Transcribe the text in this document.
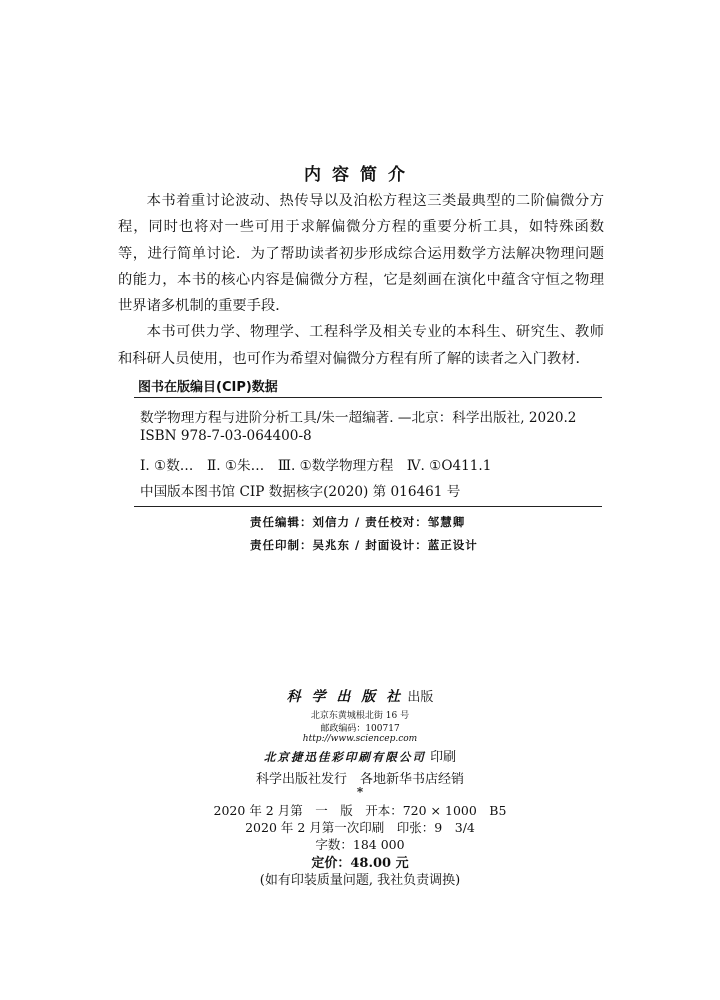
内容简介

本书着重讨论波动、热传导以及泊松方程这三类最典型的二阶偏微分方程，同时也将对一些可用于求解偏微分方程的重要分析工具，如特殊函数等，进行简单讨论．为了帮助读者初步形成综合运用数学方法解决物理问题的能力，本书的核心内容是偏微分方程，它是刻画在演化中蕴含守恒之物理世界诸多机制的重要手段．

本书可供力学、物理学、工程科学及相关专业的本科生、研究生、教师和科研人员使用，也可作为希望对偏微分方程有所了解的读者之入门教材．

图书在版编目(CIP)数据
数学物理方程与进阶分析工具/朱一超编著. —北京：科学出版社, 2020.2
ISBN 978-7-03-064400-8
Ⅰ. ①数…　Ⅱ. ①朱…　Ⅲ. ①数学物理方程　Ⅳ. ①O411.1
中国版本图书馆 CIP 数据核字(2020) 第 016461 号
责任编辑：刘信力 / 责任校对：邹慧卿
责任印制：吴兆东 / 封面设计：蓝正设计
科 学 出 版 社 出版
北京东黄城根北街 16 号
邮政编码：100717
http://www.sciencep.com
北京捷迅佳彩印刷有限公司 印刷
科学出版社发行　各地新华书店经销
*
2020 年 2 月第　一　版　开本：720 × 1000　B5
2020 年 2 月第一次印刷　印张：9　3/4
字数：184 000
定价：48.00 元
(如有印装质量问题, 我社负责调换)
